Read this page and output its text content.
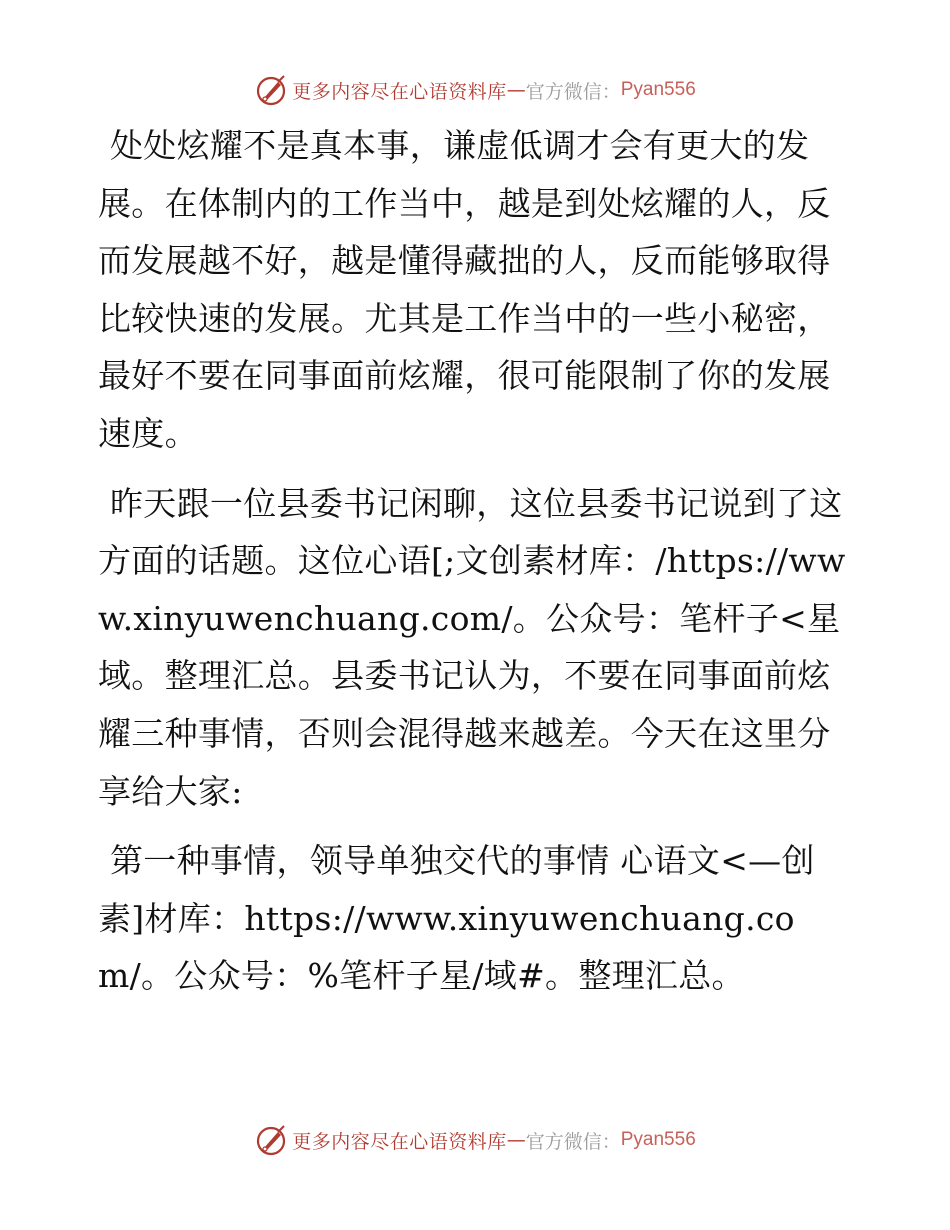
更多内容尽在心语资料库 — 官方微信： Pyan556

处处炫耀不是真本事，谦虚低调才会有更大的发展。在体制内的工作当中，越是到处炫耀的人，反而发展越不好，越是懂得藏拙的人，反而能够取得比较快速的发展。尤其是工作当中的一些小秘密，最好不要在同事面前炫耀，很可能限制了你的发展速度。

昨天跟一位县委书记闲聊，这位县委书记说到了这方面的话题。这位心语[;文创素材库：/https://www.xinyuwenchuang.com/。公众号：笔杆子<星域。整理汇总。县委书记认为，不要在同事面前炫耀三种事情，否则会混得越来越差。今天在这里分享给大家:

第一种事情，领导单独交代的事情 心语文<—创素]材库：https://www.xinyuwenchuang.com/。公众号：%笔杆子星/域#。整理汇总。

更多内容尽在心语资料库 — 官方微信： Pyan556
